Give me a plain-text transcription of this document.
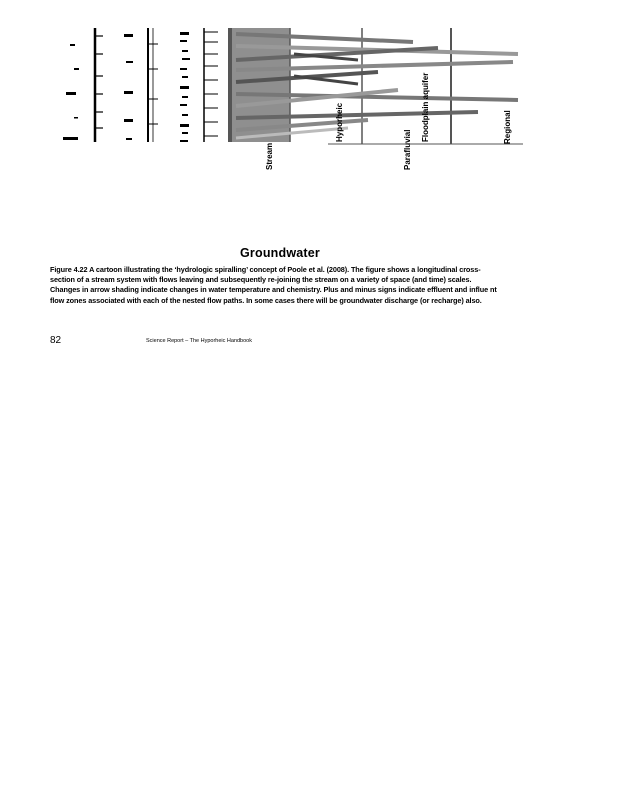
Stream
Hyporheic
Parafluvial
Floodplain aquifer	Regional
Groundwater
Figure 4.22 A cartoon illustrating the ‘hydrologic spiralling’ concept of Poole et al. (2008). The figure shows a longitudinal cross-
section of a stream system with flows leaving and subsequently re-joining the stream on a variety of space (and time) scales.
Changes in arrow shading indicate changes in water temperature and chemistry. Plus and minus signs indicate effluent and influe nt
flow zones associated with each of the nested flow paths. In some cases there will be groundwater discharge (or recharge) also.
82	Science Report – The Hyporheic Handbook
